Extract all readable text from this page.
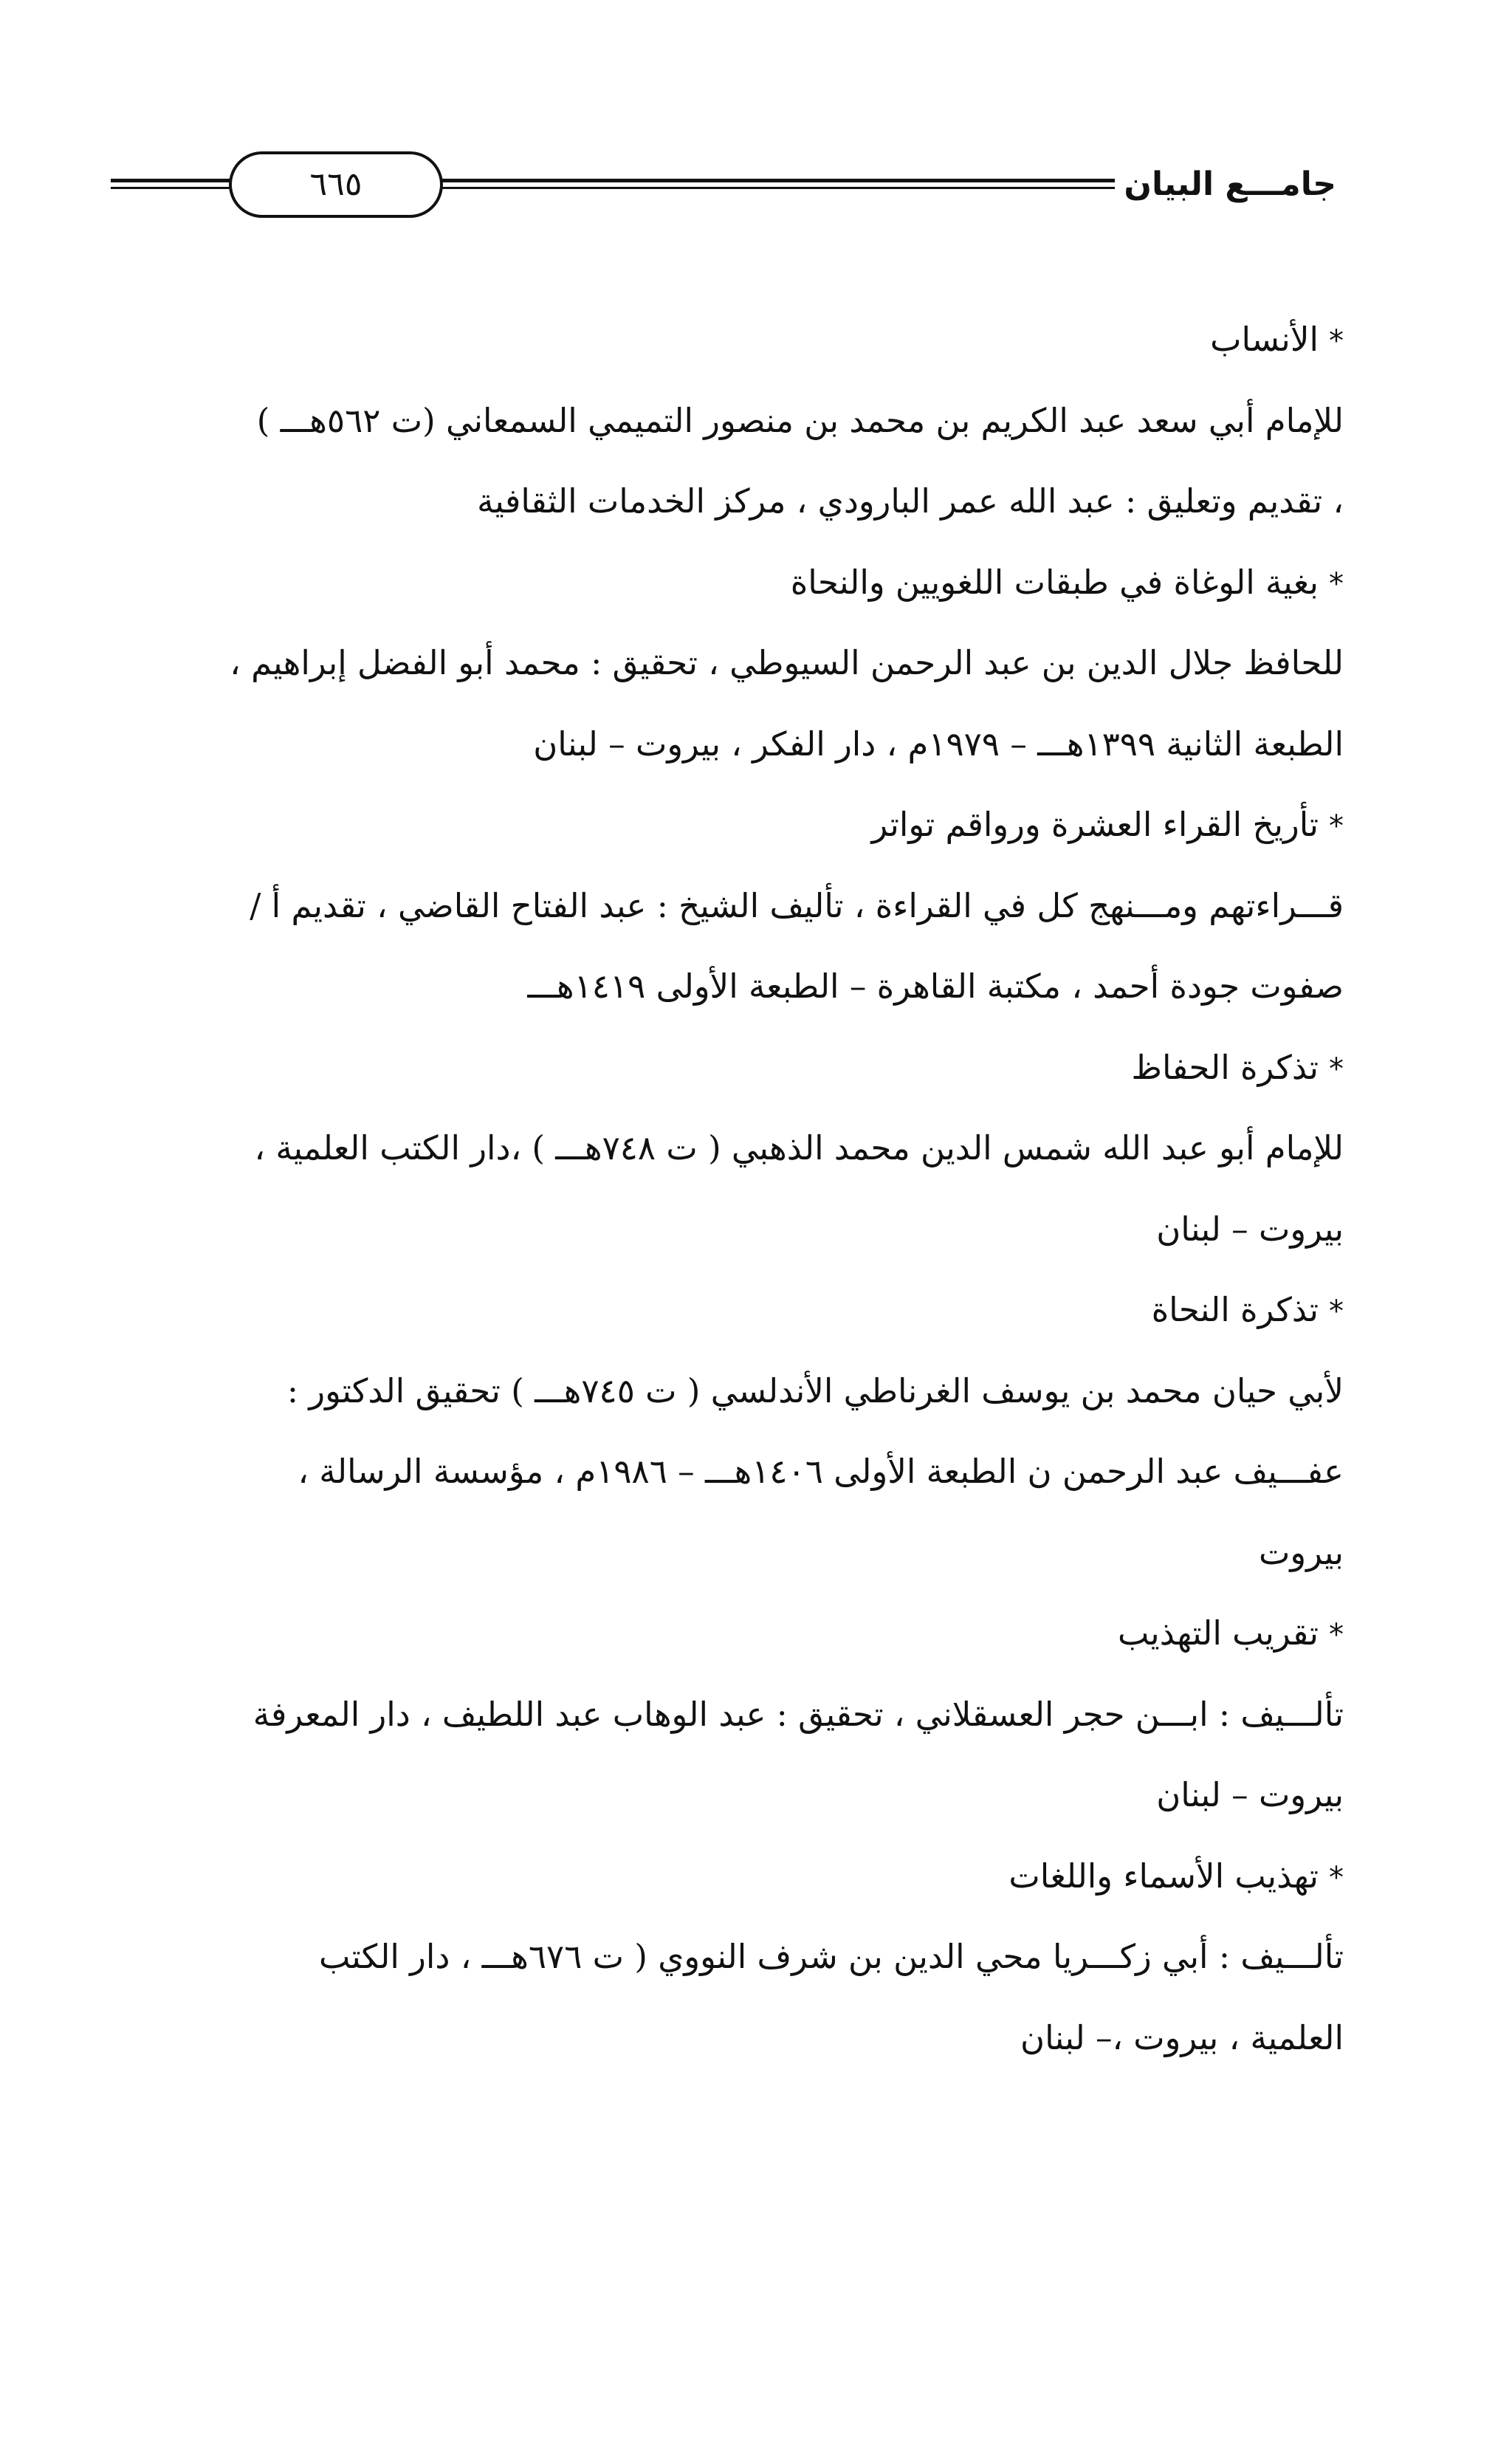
٦٦٥	جامـــع البيان

*الأنساب

للإمام أبي سعد عبد الكريم بن محمد بن منصور التميمي السمعاني (ت ٥٦٢هـــ )

، تقديم وتعليق : عبد الله عمر البارودي ، مركز الخدمات الثقافية

*بغية الوغاة في طبقات اللغويين والنحاة

للحافظ جلال الدين بن عبد الرحمن السيوطي ، تحقيق : محمد أبو الفضل إبراهيم ،

الطبعة الثانية ١٣٩٩هـــ – ١٩٧٩م ، دار الفكر ، بيروت – لبنان

*تأريخ القراء العشرة ورواقم تواتر

قـــراءتهم ومـــنهج كل في القراءة ، تأليف الشيخ : عبد الفتاح القاضي ، تقديم أ /

صفوت جودة أحمد ، مكتبة القاهرة – الطبعة الأولى ١٤١٩هـــ

*تذكرة الحفاظ

للإمام أبو عبد الله شمس الدين محمد الذهبي ( ت ٧٤٨هـــ ) ،دار الكتب العلمية ،

بيروت – لبنان

*تذكرة النحاة

لأبي حيان محمد بن يوسف الغرناطي الأندلسي ( ت ٧٤٥هـــ ) تحقيق الدكتور :

عفـــيف عبد الرحمن ن الطبعة الأولى ١٤٠٦هـــ – ١٩٨٦م ، مؤسسة الرسالة ،

بيروت

*تقريب التهذيب

تألـــيف : ابـــن حجر العسقلاني ، تحقيق : عبد الوهاب عبد اللطيف ، دار المعرفة

بيروت – لبنان

*تهذيب الأسماء واللغات

تألـــيف : أبي زكـــريا محي الدين بن شرف النووي ( ت ٦٧٦هـــ ، دار الكتب

العلمية ، بيروت ،– لبنان
